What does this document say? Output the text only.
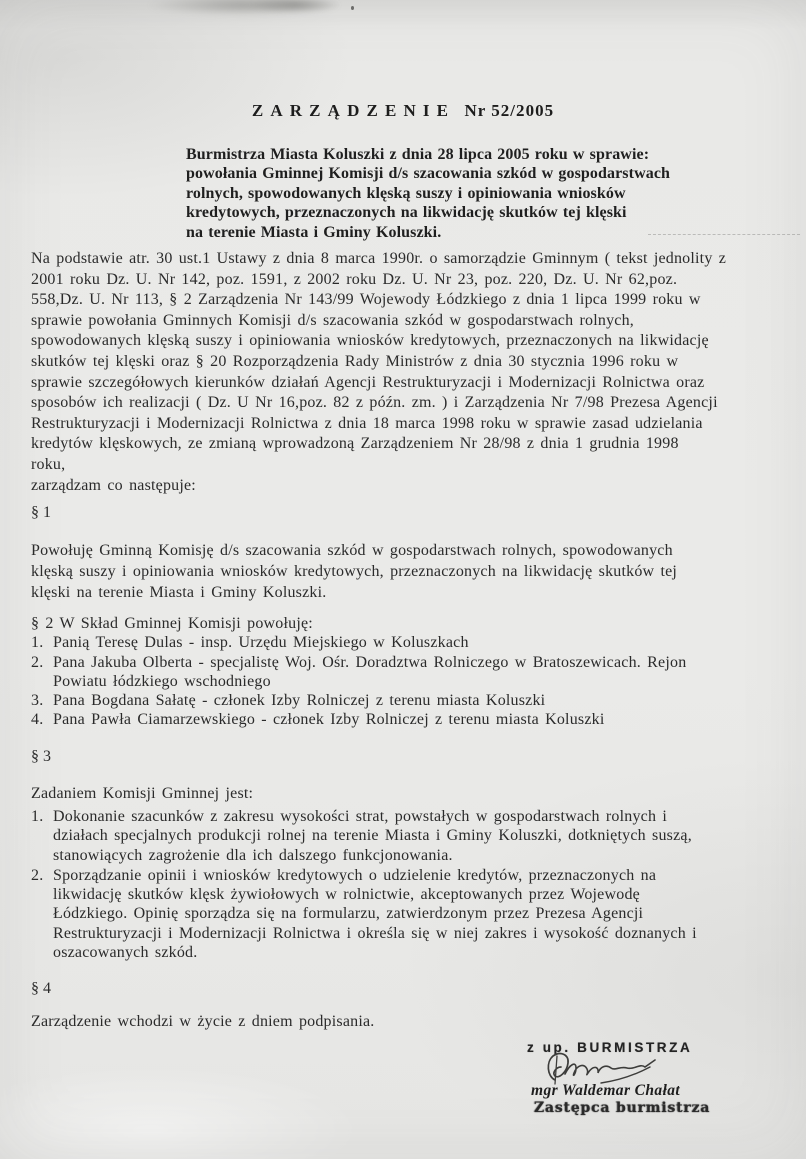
ZARZĄDZENIE Nr 52/2005
Burmistrza Miasta Koluszki z dnia 28 lipca 2005 roku w sprawie:
powołania Gminnej Komisji d/s szacowania szkód w gospodarstwach
rolnych, spowodowanych klęską suszy i opiniowania wniosków
kredytowych, przeznaczonych na likwidację skutków tej klęski
na terenie Miasta i Gminy Koluszki.
Na podstawie atr. 30 ust.1 Ustawy z dnia 8 marca 1990r. o samorządzie Gminnym ( tekst jednolity z
2001 roku Dz. U. Nr 142, poz. 1591, z 2002 roku Dz. U. Nr 23, poz. 220, Dz. U. Nr 62,poz.
558,Dz. U. Nr 113, § 2 Zarządzenia Nr 143/99 Wojewody Łódzkiego z dnia 1 lipca 1999 roku w
sprawie powołania Gminnych Komisji d/s szacowania szkód w gospodarstwach rolnych,
spowodowanych klęską suszy i opiniowania wniosków kredytowych, przeznaczonych na likwidację
skutków tej klęski oraz § 20 Rozporządzenia Rady Ministrów z dnia 30 stycznia 1996 roku w
sprawie szczegółowych kierunków działań Agencji Restrukturyzacji i Modernizacji Rolnictwa oraz
sposobów ich realizacji ( Dz. U Nr 16,poz. 82 z późn. zm. ) i Zarządzenia Nr 7/98 Prezesa Agencji
Restrukturyzacji i Modernizacji Rolnictwa z dnia 18 marca 1998 roku w sprawie zasad udzielania
kredytów klęskowych, ze zmianą wprowadzoną Zarządzeniem Nr 28/98 z dnia 1 grudnia 1998
roku,
zarządzam co następuje:
§ 1
Powołuję Gminną Komisję d/s szacowania szkód w gospodarstwach rolnych, spowodowanych
klęską suszy i opiniowania wniosków kredytowych, przeznaczonych na likwidację skutków tej
klęski na terenie Miasta i Gminy Koluszki.
§ 2 W Skład Gminnej Komisji powołuję:
1. Panią Teresę Dulas - insp. Urzędu Miejskiego w Koluszkach
2. Pana Jakuba Olberta - specjalistę Woj. Ośr. Doradztwa Rolniczego w Bratoszewicach. Rejon
Powiatu łódzkiego wschodniego
3. Pana Bogdana Sałatę - członek Izby Rolniczej z terenu miasta Koluszki
4. Pana Pawła Ciamarzewskiego - członek Izby Rolniczej z terenu miasta Koluszki
§ 3
Zadaniem Komisji Gminnej jest:
1. Dokonanie szacunków z zakresu wysokości strat, powstałych w gospodarstwach rolnych i
działach specjalnych produkcji rolnej na terenie Miasta i Gminy Koluszki, dotkniętych suszą,
stanowiących zagrożenie dla ich dalszego funkcjonowania.
2. Sporządzanie opinii i wniosków kredytowych o udzielenie kredytów, przeznaczonych na
likwidację skutków klęsk żywiołowych w rolnictwie, akceptowanych przez Wojewodę
Łódzkiego. Opinię sporządza się na formularzu, zatwierdzonym przez Prezesa Agencji
Restrukturyzacji i Modernizacji Rolnictwa i określa się w niej zakres i wysokość doznanych i
oszacowanych szkód.
§ 4
Zarządzenie wchodzi w życie z dniem podpisania.
z up. BURMISTRZA
mgr Waldemar Chałat
Zastępca burmistrza
